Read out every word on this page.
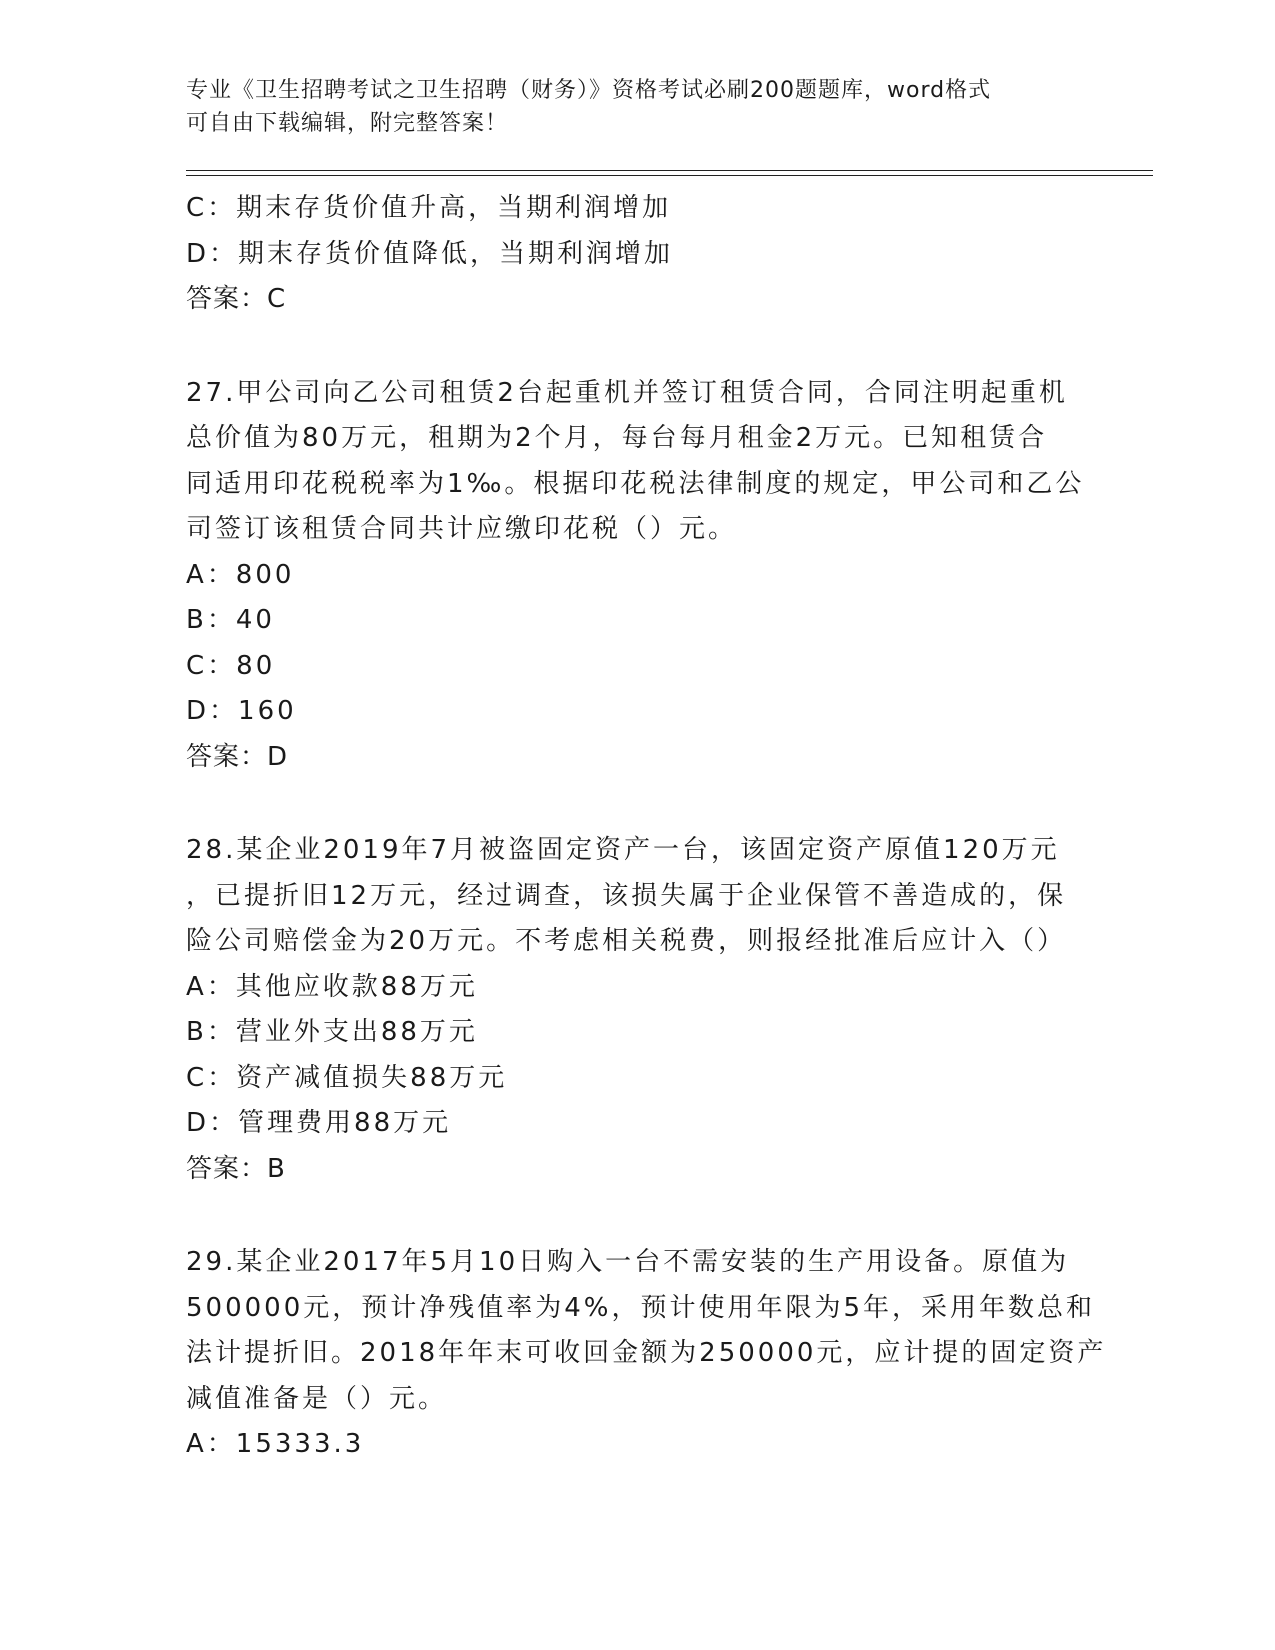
专业《卫生招聘考试之卫生招聘（财务）》资格考试必刷200题题库，word格式
可自由下载编辑，附完整答案！
C：期末存货价值升高，当期利润增加
D：期末存货价值降低，当期利润增加
答案：C
27.甲公司向乙公司租赁2台起重机并签订租赁合同，合同注明起重机
总价值为80万元，租期为2个月，每台每月租金2万元。已知租赁合
同适用印花税税率为1‰。根据印花税法律制度的规定，甲公司和乙公
司签订该租赁合同共计应缴印花税（）元。
A：800
B：40
C：80
D：160
答案：D
28.某企业2019年7月被盗固定资产一台，该固定资产原值120万元
，已提折旧12万元，经过调查，该损失属于企业保管不善造成的，保
险公司赔偿金为20万元。不考虑相关税费，则报经批准后应计入（）
A：其他应收款88万元
B：营业外支出88万元
C：资产减值损失88万元
D：管理费用88万元
答案：B
29.某企业2017年5月10日购入一台不需安装的生产用设备。原值为
500000元，预计净残值率为4%，预计使用年限为5年，采用年数总和
法计提折旧。2018年年末可收回金额为250000元，应计提的固定资产
减值准备是（）元。
A：15333.3
